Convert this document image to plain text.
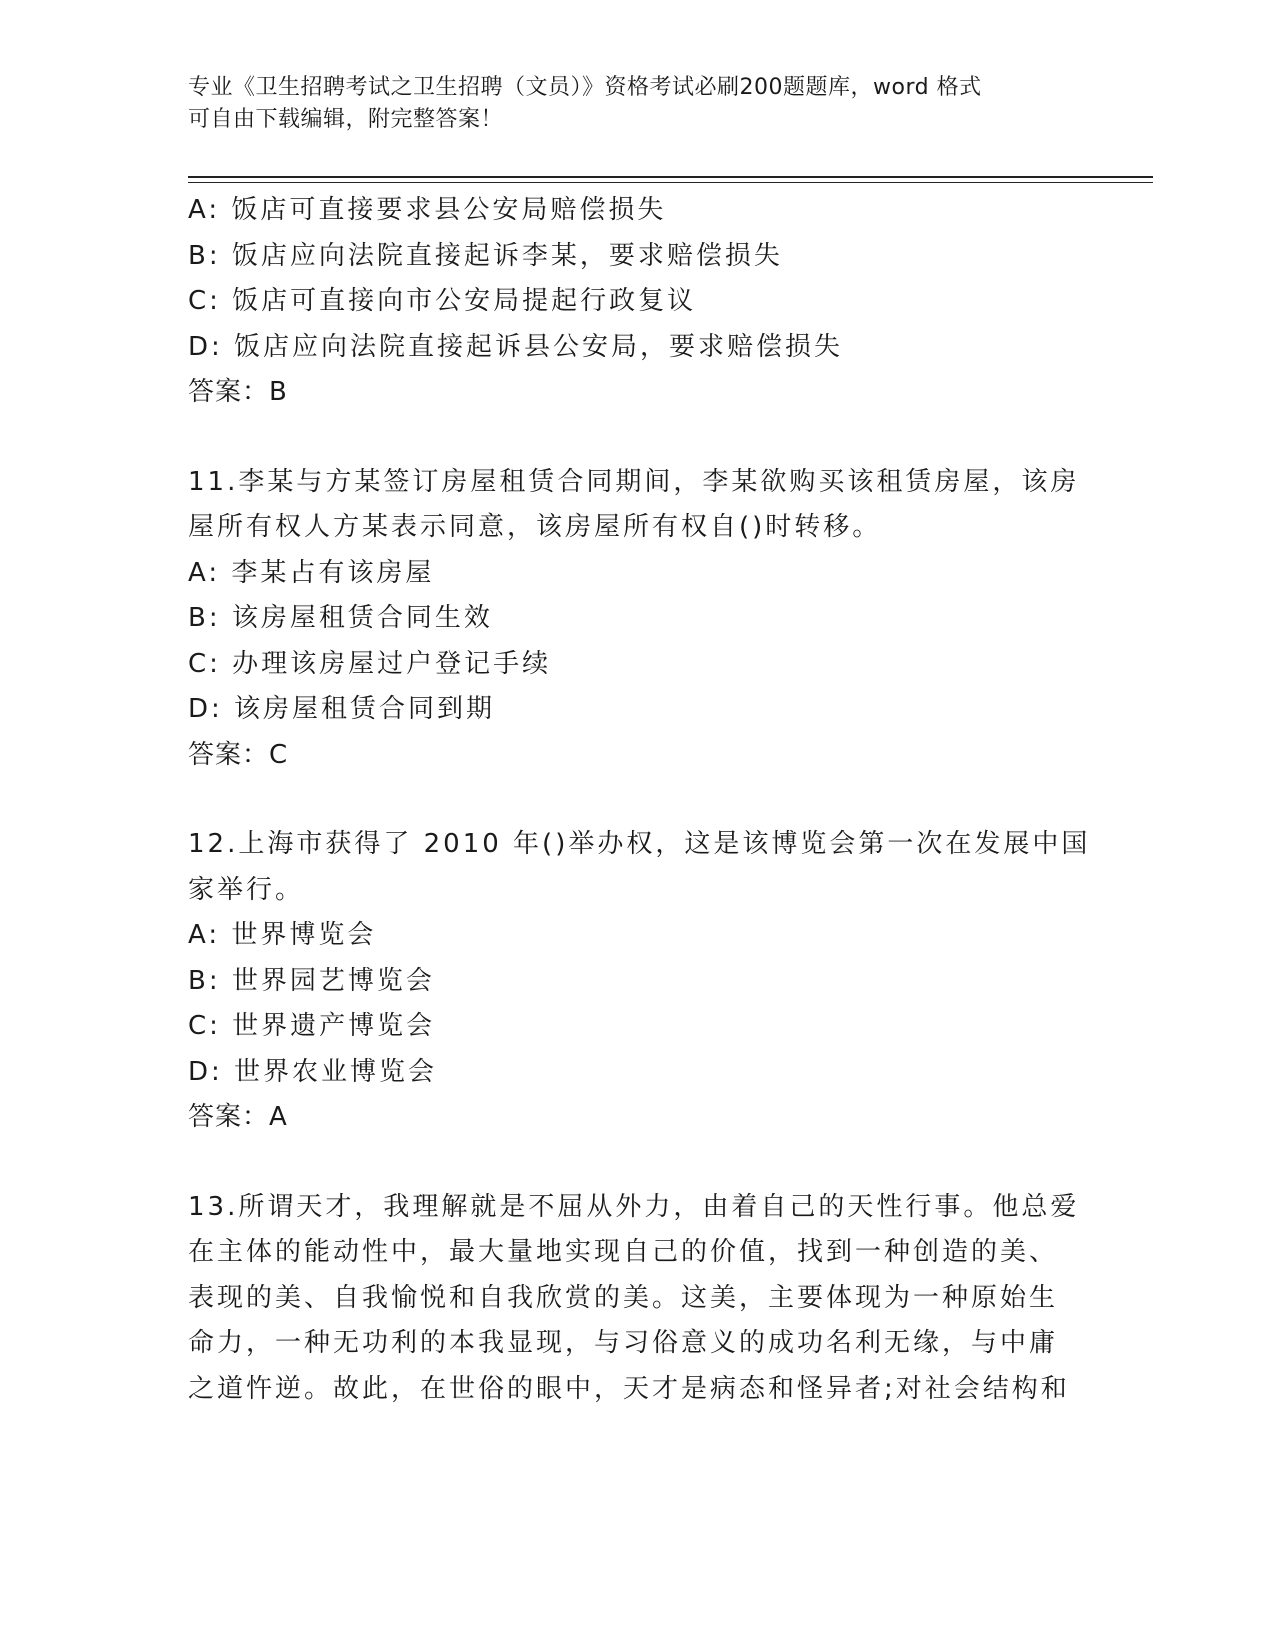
专业《卫生招聘考试之卫生招聘（文员）》资格考试必刷200题题库，word 格式
可自由下载编辑，附完整答案！
A: 饭店可直接要求县公安局赔偿损失
B: 饭店应向法院直接起诉李某，要求赔偿损失
C: 饭店可直接向市公安局提起行政复议
D: 饭店应向法院直接起诉县公安局，要求赔偿损失
答案：B
11.李某与方某签订房屋租赁合同期间，李某欲购买该租赁房屋，该房
屋所有权人方某表示同意，该房屋所有权自()时转移。
A: 李某占有该房屋
B: 该房屋租赁合同生效
C: 办理该房屋过户登记手续
D: 该房屋租赁合同到期
答案：C
12.上海市获得了 2010 年()举办权，这是该博览会第一次在发展中国
家举行。
A: 世界博览会
B: 世界园艺博览会
C: 世界遗产博览会
D: 世界农业博览会
答案：A
13.所谓天才，我理解就是不屈从外力，由着自己的天性行事。他总爱
在主体的能动性中，最大量地实现自己的价值，找到一种创造的美、
表现的美、自我愉悦和自我欣赏的美。这美，主要体现为一种原始生
命力，一种无功利的本我显现，与习俗意义的成功名利无缘，与中庸
之道忤逆。故此，在世俗的眼中，天才是病态和怪异者;对社会结构和
